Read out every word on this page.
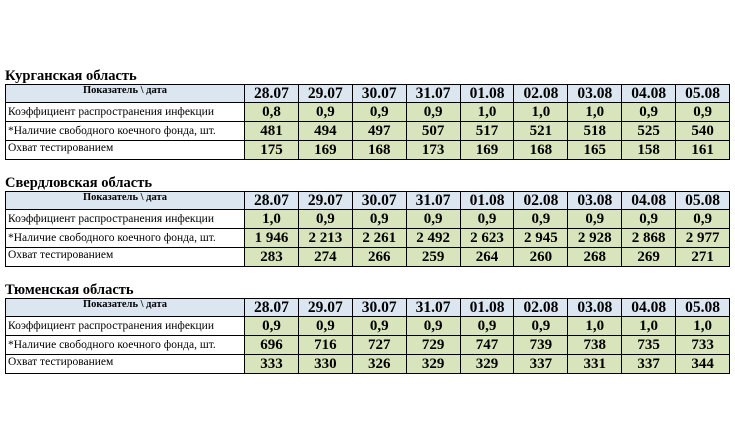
Курганская область
Показатель \ дата	28.07	29.07	30.07	31.07	01.08	02.08	03.08	04.08	05.08
Коэффициент распространения инфекции	0,8	0,9	0,9	0,9	1,0	1,0	1,0	0,9	0,9
*Наличие свободного коечного фонда, шт.	481	494	497	507	517	521	518	525	540
Охват тестированием	175	169	168	173	169	168	165	158	161
Свердловская область
Показатель \ дата	28.07	29.07	30.07	31.07	01.08	02.08	03.08	04.08	05.08
Коэффициент распространения инфекции	1,0	0,9	0,9	0,9	0,9	0,9	0,9	0,9	0,9
*Наличие свободного коечного фонда, шт.	1 946	2 213	2 261	2 492	2 623	2 945	2 928	2 868	2 977
Охват тестированием	283	274	266	259	264	260	268	269	271
Тюменская область
Показатель \ дата	28.07	29.07	30.07	31.07	01.08	02.08	03.08	04.08	05.08
Коэффициент распространения инфекции	0,9	0,9	0,9	0,9	0,9	0,9	1,0	1,0	1,0
*Наличие свободного коечного фонда, шт.	696	716	727	729	747	739	738	735	733
Охват тестированием	333	330	326	329	329	337	331	337	344
